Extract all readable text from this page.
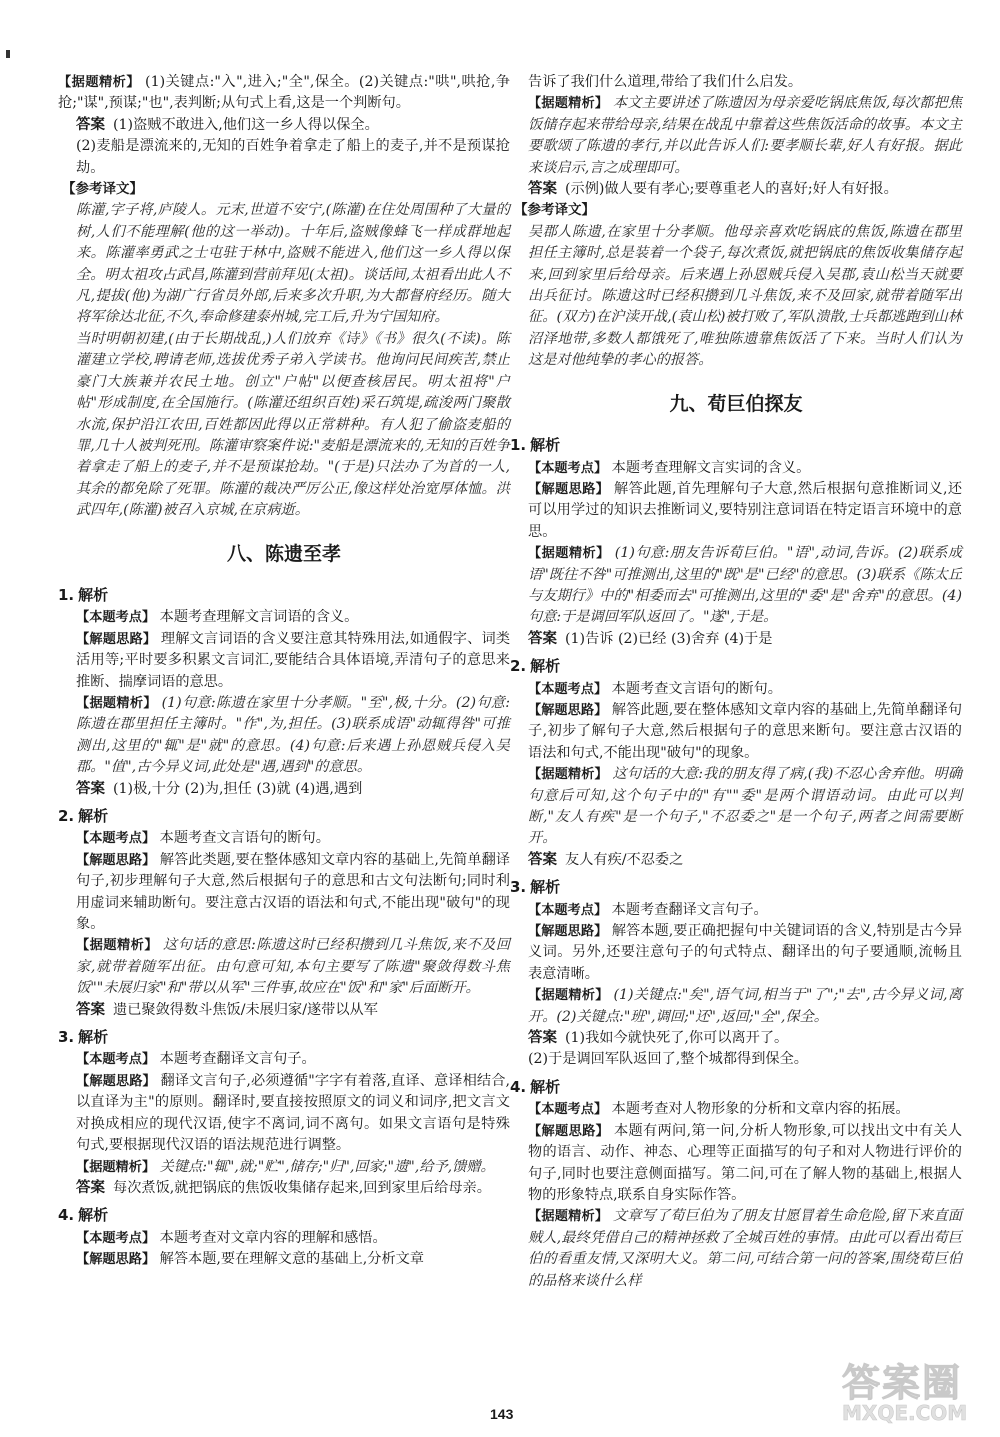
【 据题精析 】 (1)关键点:"入",进入;"全",保全。(2)关键点:"哄",哄抢,争抢;"谋",预谋;"也",表判断;从句式上看,这是一个判断句。

答案 (1)盗贼不敢进入,他们这一乡人得以保全。

(2)麦船是漂流来的,无知的百姓争着拿走了船上的麦子,并不是预谋抢劫。

【参考译文】

陈灌,字子将,庐陵人。元末,世道不安宁,(陈灌)在住处周围种了大量的树,人们不能理解(他的这一举动)。十年后,盗贼像蜂飞一样成群地起来。陈灌率勇武之士屯驻于林中,盗贼不能进入,他们这一乡人得以保全。明太祖攻占武昌,陈灌到营前拜见(太祖)。谈话间,太祖看出此人不凡,提拔(他)为湖广行省员外郎,后来多次升职,为大都督府经历。随大将军徐达北征,不久,奉命修建泰州城,完工后,升为宁国知府。

当时明朝初建,(由于长期战乱,)人们放弃《诗》《书》很久(不读)。陈灌建立学校,聘请老师,选拔优秀子弟入学读书。他询问民间疾苦,禁止豪门大族兼并农民土地。创立"户帖"以便查核居民。明太祖将"户帖"形成制度,在全国施行。(陈灌还组织百姓)采石筑堤,疏浚两门聚散水流,保护沿江农田,百姓都因此得以正常耕种。有人犯了偷盗麦船的罪,几十人被判死刑。陈灌审察案件说:"麦船是漂流来的,无知的百姓争着拿走了船上的麦子,并不是预谋抢劫。"(于是)只法办了为首的一人,其余的都免除了死罪。陈灌的裁决严厉公正,像这样处治宽厚体恤。洪武四年,(陈灌)被召入京城,在京病逝。

八、陈遗至孝
1. 解析

【 本题考点 】 本题考查理解文言词语的含义。

【 解题思路 】 理解文言词语的含义要注意其特殊用法,如通假字、词类活用等;平时要多积累文言词汇,要能结合具体语境,弄清句子的意思来推断、揣摩词语的意思。

【 据题精析 】 (1)句意:陈遗在家里十分孝顺。"至",极,十分。(2)句意:陈遗在郡里担任主簿时。"作",为,担任。(3)联系成语"动辄得咎"可推测出,这里的"辄"是"就"的意思。(4)句意:后来遇上孙恩贼兵侵入吴郡。"值",古今异义词,此处是"遇,遇到"的意思。

答案 (1)极,十分 (2)为,担任 (3)就 (4)遇,遇到

2. 解析

【 本题考点 】 本题考查文言语句的断句。

【 解题思路 】 解答此类题,要在整体感知文章内容的基础上,先简单翻译句子,初步理解句子大意,然后根据句子的意思和古文句法断句;同时利用虚词来辅助断句。要注意古汉语的语法和句式,不能出现"破句"的现象。

【 据题精析 】 这句话的意思:陈遗这时已经积攒到几斗焦饭,来不及回家,就带着随军出征。由句意可知,本句主要写了陈遗"聚敛得数斗焦饭""未展归家"和"带以从军"三件事,故应在"饭"和"家"后面断开。

答案 遗已聚敛得数斗焦饭/未展归家/遂带以从军

3. 解析

【 本题考点 】 本题考查翻译文言句子。

【 解题思路 】 翻译文言句子,必须遵循"字字有着落,直译、意译相结合,以直译为主"的原则。翻译时,要直接按照原文的词义和词序,把文言文对换成相应的现代汉语,使字不离词,词不离句。如果文言语句是特殊句式,要根据现代汉语的语法规范进行调整。

【 据题精析 】 关键点:"辄",就;"贮",储存;"归",回家;"遗",给予,馈赠。

答案 每次煮饭,就把锅底的焦饭收集储存起来,回到家里后给母亲。

4. 解析

【 本题考点 】 本题考查对文章内容的理解和感悟。

【 解题思路 】 解答本题,要在理解文意的基础上,分析文章

告诉了我们什么道理,带给了我们什么启发。

【 据题精析 】 本文主要讲述了陈遗因为母亲爱吃锅底焦饭,每次都把焦饭储存起来带给母亲,结果在战乱中靠着这些焦饭活命的故事。本文主要歌颂了陈遗的孝行,并以此告诉人们:要孝顺长辈,好人有好报。据此来谈启示,言之成理即可。

答案 (示例)做人要有孝心;要尊重老人的喜好;好人有好报。

【参考译文】

吴郡人陈遗,在家里十分孝顺。他母亲喜欢吃锅底的焦饭,陈遗在郡里担任主簿时,总是装着一个袋子,每次煮饭,就把锅底的焦饭收集储存起来,回到家里后给母亲。后来遇上孙恩贼兵侵入吴郡,袁山松当天就要出兵征讨。陈遗这时已经积攒到几斗焦饭,来不及回家,就带着随军出征。(双方)在沪渎开战,(袁山松)被打败了,军队溃散,士兵都逃跑到山林沼泽地带,多数人都饿死了,唯独陈遗靠焦饭活了下来。当时人们认为这是对他纯挚的孝心的报答。

九、荀巨伯探友
1. 解析

【 本题考点 】 本题考查理解文言实词的含义。

【 解题思路 】 解答此题,首先理解句子大意,然后根据句意推断词义,还可以用学过的知识去推断词义,要特别注意词语在特定语言环境中的意思。

【 据题精析 】 (1)句意:朋友告诉荀巨伯。"语",动词,告诉。(2)联系成语"既往不咎"可推测出,这里的"既"是"已经"的意思。(3)联系《陈太丘与友期行》中的"相委而去"可推测出,这里的"委"是"舍弃"的意思。(4)句意:于是调回军队返回了。"遂",于是。

答案 (1)告诉 (2)已经 (3)舍弃 (4)于是

2. 解析

【 本题考点 】 本题考查文言语句的断句。

【 解题思路 】 解答此题,要在整体感知文章内容的基础上,先简单翻译句子,初步了解句子大意,然后根据句子的意思来断句。要注意古汉语的语法和句式,不能出现"破句"的现象。

【 据题精析 】 这句话的大意:我的朋友得了病,(我)不忍心舍弃他。明确句意后可知,这个句子中的"有""委"是两个谓语动词。由此可以判断,"友人有疾"是一个句子,"不忍委之"是一个句子,两者之间需要断开。

答案 友人有疾/不忍委之

3. 解析

【 本题考点 】 本题考查翻译文言句子。

【 解题思路 】 解答本题,要正确把握句中关键词语的含义,特别是古今异义词。另外,还要注意句子的句式特点、翻译出的句子要通顺,流畅且表意清晰。

【 据题精析 】 (1)关键点:"矣",语气词,相当于"了";"去",古今异义词,离开。(2)关键点:"班",调回;"还",返回;"全",保全。

答案 (1)我如今就快死了,你可以离开了。

(2)于是调回军队返回了,整个城都得到保全。

4. 解析

【 本题考点 】 本题考查对人物形象的分析和文章内容的拓展。

【 解题思路 】 本题有两问,第一问,分析人物形象,可以找出文中有关人物的语言、动作、神态、心理等正面描写的句子和对人物进行评价的句子,同时也要注意侧面描写。第二问,可在了解人物的基础上,根据人物的形象特点,联系自身实际作答。

【 据题精析 】 文章写了荀巨伯为了朋友甘愿冒着生命危险,留下来直面贼人,最终凭借自己的精神拯救了全城百姓的事情。由此可以看出荀巨伯的看重友情,又深明大义。第二问,可结合第一问的答案,围绕荀巨伯的品格来谈什么样

143
答案圈
MXQE.COM
